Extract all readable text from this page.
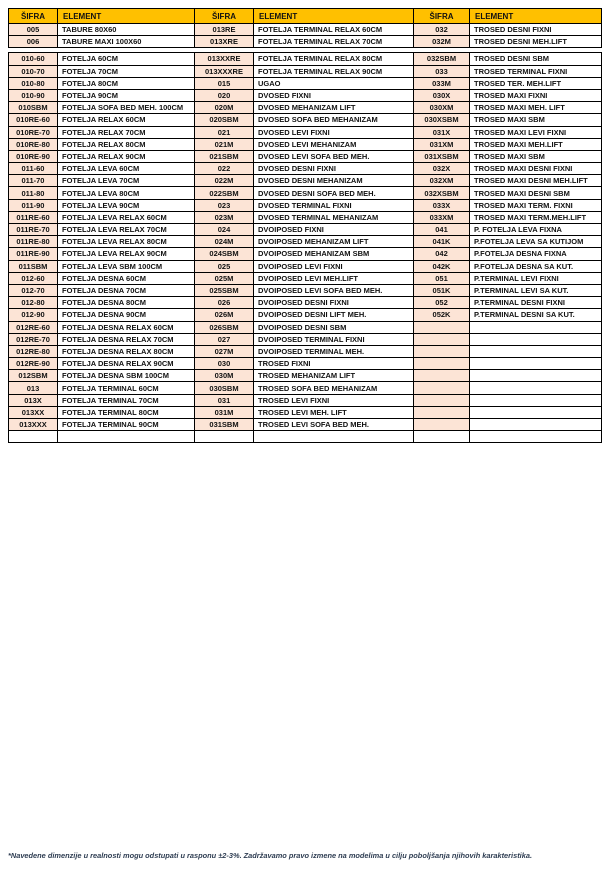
ŠIFRA	ELEMENT	ŠIFRA	ELEMENT	ŠIFRA	ELEMENT
005	TABURE 80X60	013RE	FOTELJA TERMINAL RELAX 60CM	032	TROSED DESNI FIXNI
006	TABURE MAXI 100X60	013XRE	FOTELJA TERMINAL RELAX 70CM	032M	TROSED DESNI MEH.LIFT

010-60	FOTELJA 60CM	013XXRE	FOTELJA TERMINAL RELAX 80CM	032SBM	TROSED DESNI SBM
010-70	FOTELJA 70CM	013XXXRE	FOTELJA TERMINAL RELAX 90CM	033	TROSED TERMINAL FIXNI
010-80	FOTELJA 80CM	015	UGAO	033M	TROSED TER. MEH.LIFT
010-90	FOTELJA 90CM	020	DVOSED FIXNI	030X	TROSED MAXI FIXNI
010SBM	FOTELJA SOFA BED MEH. 100CM	020M	DVOSED MEHANIZAM LIFT	030XM	TROSED MAXI MEH. LIFT
010RE-60	FOTELJA RELAX 60CM	020SBM	DVOSED SOFA BED MEHANIZAM	030XSBM	TROSED MAXI SBM
010RE-70	FOTELJA RELAX 70CM	021	DVOSED LEVI FIXNI	031X	TROSED MAXI LEVI FIXNI
010RE-80	FOTELJA RELAX 80CM	021M	DVOSED LEVI MEHANIZAM	031XM	TROSED MAXI MEH.LIFT
010RE-90	FOTELJA RELAX 90CM	021SBM	DVOSED LEVI SOFA BED MEH.	031XSBM	TROSED MAXI SBM
011-60	FOTELJA LEVA 60CM	022	DVOSED DESNI FIXNI	032X	TROSED MAXI DESNI FIXNI
011-70	FOTELJA LEVA 70CM	022M	DVOSED DESNI MEHANIZAM	032XM	TROSED MAXI DESNI MEH.LIFT
011-80	FOTELJA LEVA 80CM	022SBM	DVOSED DESNI SOFA BED MEH.	032XSBM	TROSED MAXI DESNI SBM
011-90	FOTELJA LEVA 90CM	023	DVOSED TERMINAL FIXNI	033X	TROSED MAXI TERM. FIXNI
011RE-60	FOTELJA LEVA RELAX 60CM	023M	DVOSED TERMINAL MEHANIZAM	033XM	TROSED MAXI TERM.MEH.LIFT
011RE-70	FOTELJA LEVA RELAX 70CM	024	DVOIPOSED FIXNI	041	P. FOTELJA LEVA FIXNA
011RE-80	FOTELJA LEVA RELAX 80CM	024M	DVOIPOSED MEHANIZAM LIFT	041K	P.FOTELJA LEVA SA KUTIJOM
011RE-90	FOTELJA LEVA RELAX 90CM	024SBM	DVOIPOSED MEHANIZAM SBM	042	P.FOTELJA DESNA FIXNA
011SBM	FOTELJA LEVA SBM 100CM	025	DVOIPOSED LEVI FIXNI	042K	P.FOTELJA DESNA SA KUT.
012-60	FOTELJA DESNA 60CM	025M	DVOIPOSED LEVI MEH.LIFT	051	P.TERMINAL LEVI FIXNI
012-70	FOTELJA DESNA 70CM	025SBM	DVOIPOSED LEVI SOFA BED MEH.	051K	P.TERMINAL LEVI SA KUT.
012-80	FOTELJA DESNA 80CM	026	DVOIPOSED DESNI FIXNI	052	P.TERMINAL DESNI FIXNI
012-90	FOTELJA DESNA 90CM	026M	DVOIPOSED DESNI LIFT MEH.	052K	P.TERMINAL DESNI SA KUT.
012RE-60	FOTELJA DESNA RELAX 60CM	026SBM	DVOIPOSED DESNI SBM		
012RE-70	FOTELJA DESNA RELAX 70CM	027	DVOIPOSED TERMINAL FIXNI		
012RE-80	FOTELJA DESNA RELAX 80CM	027M	DVOIPOSED TERMINAL MEH.		
012RE-90	FOTELJA DESNA RELAX 90CM	030	TROSED FIXNI		
012SBM	FOTELJA DESNA SBM 100CM	030M	TROSED MEHANIZAM LIFT		
013	FOTELJA TERMINAL 60CM	030SBM	TROSED SOFA BED MEHANIZAM		
013X	FOTELJA TERMINAL 70CM	031	TROSED LEVI FIXNI		
013XX	FOTELJA TERMINAL 80CM	031M	TROSED LEVI MEH. LIFT		
013XXX	FOTELJA TERMINAL 90CM	031SBM	TROSED LEVI SOFA BED MEH.		

*Navedene dimenzije u realnosti mogu odstupati u rasponu ±2-3%. Zadržavamo pravo izmene na modelima u cilju poboljšanja njihovih karakteristika.
